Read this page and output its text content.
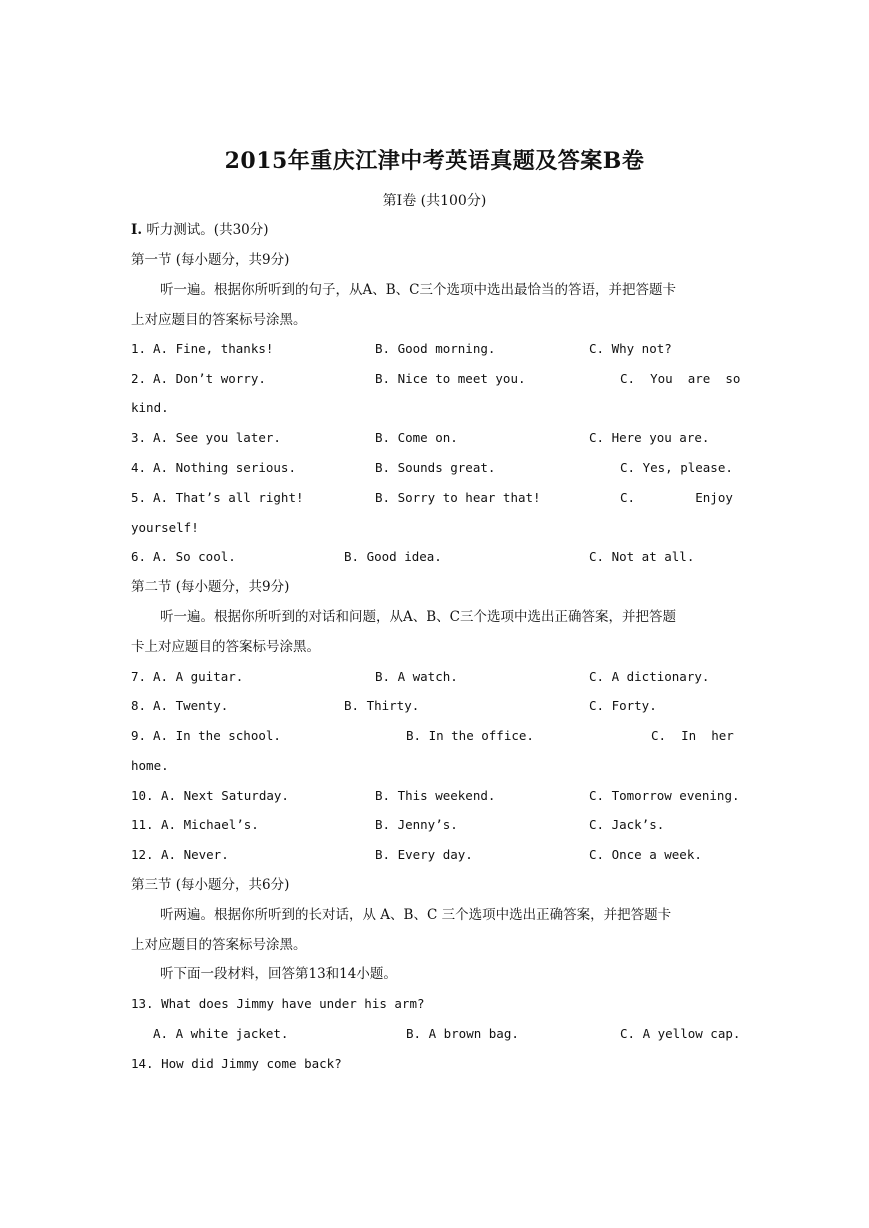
2015年重庆江津中考英语真题及答案B卷
第Ⅰ卷 (共100分)
I. 听力测试。(共30分)
第一节 (每小题分，共9分)
听一遍。根据你所听到的句子，从A、B、C三个选项中选出最恰当的答语，并把答题卡
上对应题目的答案标号涂黑。
1. A. Fine, thanks!	B. Good morning.	C. Why not?
2. A. Don’t worry.	B. Nice to meet you.	C.  You  are  so
kind.
3. A. See you later.	B. Come on.	C. Here you are.
4. A. Nothing serious.	B. Sounds great.	C. Yes, please.
5. A. That’s all right!	B. Sorry to hear that!	C.        Enjoy
yourself!
6. A. So cool.	B. Good idea.	C. Not at all.
第二节 (每小题分，共9分)
听一遍。根据你所听到的对话和问题，从A、B、C三个选项中选出正确答案，并把答题
卡上对应题目的答案标号涂黑。
7. A. A guitar.	B. A watch.	C. A dictionary.
8. A. Twenty.	B. Thirty.	C. Forty.
9. A. In the school.	B. In the office.	C.  In  her
home.
10. A. Next Saturday.	B. This weekend.	C. Tomorrow evening.
11. A. Michael’s.	B. Jenny’s.	C. Jack’s.
12. A. Never.	B. Every day.	C. Once a week.
第三节 (每小题分，共6分)
听两遍。根据你所听到的长对话，从 A、B、C 三个选项中选出正确答案，并把答题卡
上对应题目的答案标号涂黑。
听下面一段材料，回答第13和14小题。
13. What does Jimmy have under his arm?
A. A white jacket.	B. A brown bag.	C. A yellow cap.
14. How did Jimmy come back?
